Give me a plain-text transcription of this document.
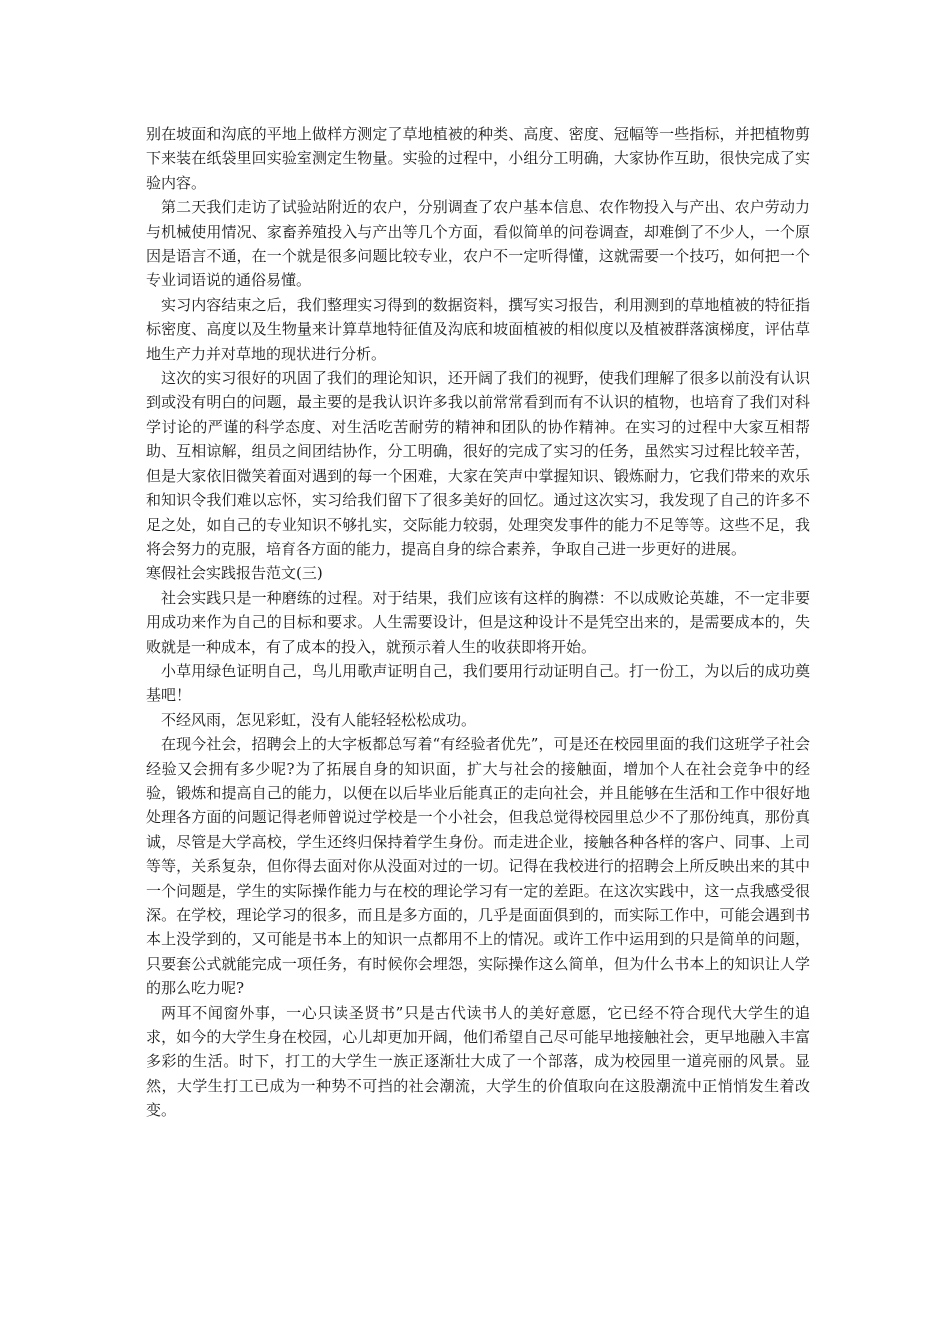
别在坡面和沟底的平地上做样方测定了草地植被的种类、高度、密度、冠幅等一些指标，并把植物剪下来装在纸袋里回实验室测定生物量。实验的过程中，小组分工明确，大家协作互助，很快完成了实验内容。

第二天我们走访了试验站附近的农户，分别调查了农户基本信息、农作物投入与产出、农户劳动力与机械使用情况、家畜养殖投入与产出等几个方面，看似简单的问卷调查，却难倒了不少人，一个原因是语言不通，在一个就是很多问题比较专业，农户不一定听得懂，这就需要一个技巧，如何把一个专业词语说的通俗易懂。

实习内容结束之后，我们整理实习得到的数据资料，撰写实习报告，利用测到的草地植被的特征指标密度、高度以及生物量来计算草地特征值及沟底和坡面植被的相似度以及植被群落演梯度，评估草地生产力并对草地的现状进行分析。

这次的实习很好的巩固了我们的理论知识，还开阔了我们的视野，使我们理解了很多以前没有认识到或没有明白的问题，最主要的是我认识许多我以前常常看到而有不认识的植物，也培育了我们对科学讨论的严谨的科学态度、对生活吃苦耐劳的精神和团队的协作精神。在实习的过程中大家互相帮助、互相谅解，组员之间团结协作，分工明确，很好的完成了实习的任务，虽然实习过程比较辛苦，但是大家依旧微笑着面对遇到的每一个困难，大家在笑声中掌握知识、锻炼耐力，它我们带来的欢乐和知识令我们难以忘怀，实习给我们留下了很多美好的回忆。通过这次实习，我发现了自己的许多不足之处，如自己的专业知识不够扎实，交际能力较弱，处理突发事件的能力不足等等。这些不足，我将会努力的克服，培育各方面的能力，提高自身的综合素养，争取自己进一步更好的进展。

寒假社会实践报告范文(三)

社会实践只是一种磨练的过程。对于结果，我们应该有这样的胸襟：不以成败论英雄，不一定非要用成功来作为自己的目标和要求。人生需要设计，但是这种设计不是凭空出来的，是需要成本的，失败就是一种成本，有了成本的投入，就预示着人生的收获即将开始。

小草用绿色证明自己，鸟儿用歌声证明自己，我们要用行动证明自己。打一份工，为以后的成功奠基吧！

不经风雨，怎见彩虹，没有人能轻轻松松成功。

在现今社会，招聘会上的大字板都总写着“有经验者优先”，可是还在校园里面的我们这班学子社会经验又会拥有多少呢?为了拓展自身的知识面，扩大与社会的接触面，增加个人在社会竞争中的经验，锻炼和提高自己的能力，以便在以后毕业后能真正的走向社会，并且能够在生活和工作中很好地处理各方面的问题记得老师曾说过学校是一个小社会，但我总觉得校园里总少不了那份纯真，那份真诚，尽管是大学高校，学生还终归保持着学生身份。而走进企业，接触各种各样的客户、同事、上司等等，关系复杂，但你得去面对你从没面对过的一切。记得在我校进行的招聘会上所反映出来的其中一个问题是，学生的实际操作能力与在校的理论学习有一定的差距。在这次实践中，这一点我感受很深。在学校，理论学习的很多，而且是多方面的，几乎是面面俱到的，而实际工作中，可能会遇到书本上没学到的，又可能是书本上的知识一点都用不上的情况。或许工作中运用到的只是简单的问题，只要套公式就能完成一项任务，有时候你会埋怨，实际操作这么简单，但为什么书本上的知识让人学的那么吃力呢?

两耳不闻窗外事，一心只读圣贤书”只是古代读书人的美好意愿，它已经不符合现代大学生的追求，如今的大学生身在校园，心儿却更加开阔，他们希望自己尽可能早地接触社会，更早地融入丰富多彩的生活。时下，打工的大学生一族正逐渐壮大成了一个部落，成为校园里一道亮丽的风景。显然，大学生打工已成为一种势不可挡的社会潮流，大学生的价值取向在这股潮流中正悄悄发生着改变。
